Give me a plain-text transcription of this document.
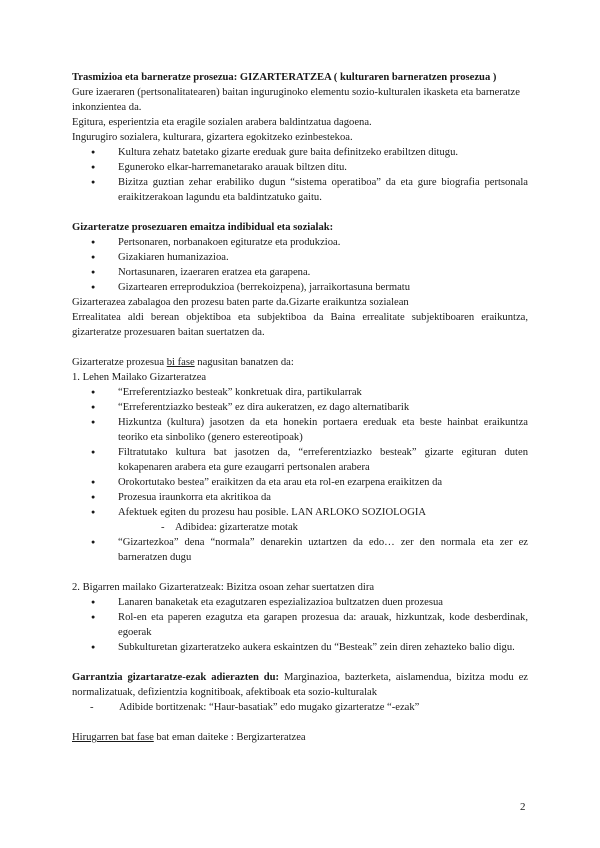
Trasmizioa eta barneratze prosezua: GIZARTERATZEA ( kulturaren barneratzen prosezua )

Gure izaeraren (pertsonalitatearen) baitan inguruginoko elementu sozio-kulturalen ikasketa eta barneratze inkonzientea da.

Egitura, esperientzia eta eragile sozialen arabera baldintzatua dagoena.

Ingurugiro sozialera, kulturara, gizartera egokitzeko ezinbestekoa.

● Kultura zehatz batetako gizarte ereduak gure baita definitzeko erabiltzen ditugu.
● Eguneroko elkar-harremanetarako arauak biltzen ditu.
● Bizitza guztian zehar erabiliko dugun “sistema operatiboa” da eta gure biografia pertsonala eraikitzerakoan lagundu eta baldintzatuko gaitu.

Gizarteratze prosezuaren emaitza indibidual eta sozialak:

● Pertsonaren, norbanakoen egituratze eta produkzioa.
● Gizakiaren humanizazioa.
● Nortasunaren, izaeraren eratzea eta garapena.
● Gizartearen erreprodukzioa (berrekoizpena), jarraikortasuna bermatu

Gizarterazea zabalagoa den prozesu baten parte da.Gizarte eraikuntza sozialean

Errealitatea aldi berean objektiboa eta subjektiboa da Baina errealitate subjektiboaren eraikuntza, gizarteratze prozesuaren baitan suertatzen da.

Gizarteratze prozesua bi fase nagusitan banatzen da:

1. Lehen Mailako Gizarteratzea

● “Erreferentziazko besteak” konkretuak dira, partikularrak
● “Erreferentziazko besteak” ez dira aukeratzen, ez dago alternatibarik
● Hizkuntza (kultura) jasotzen da eta honekin portaera ereduak eta beste hainbat eraikuntza teoriko eta sinboliko (genero estereotipoak)
● Filtratutako kultura bat jasotzen da, “erreferentziazko besteak” gizarte egituran duten kokapenaren arabera eta gure ezaugarri pertsonalen arabera
● Orokortutako bestea” eraikitzen da eta arau eta rol-en ezarpena eraikitzen da
● Prozesua iraunkorra eta akritikoa da
● Afektuek egiten du prozesu hau posible. LAN ARLOKO SOZIOLOGIA
- Adibidea: gizarteratze motak
● “Gizartezkoa” dena “normala” denarekin uztartzen da edo… zer den normala eta zer ez barneratzen dugu

2. Bigarren mailako Gizarteratzeak: Bizitza osoan zehar suertatzen dira

● Lanaren banaketak eta ezagutzaren espezializazioa bultzatzen duen prozesua
● Rol-en eta paperen ezagutza eta garapen prozesua da: arauak, hizkuntzak, kode desberdinak, egoerak
● Subkulturetan gizarteratzeko aukera eskaintzen du “Besteak” zein diren zehazteko balio digu.

Garrantzia gizartaratze-ezak adierazten du: Marginazioa, bazterketa, aislamendua, bizitza modu ez normalizatuak, defizientzia kognitiboak, afektiboak eta sozio-kulturalak

- Adibide bortitzenak: “Haur-basatiak” edo mugako gizarteratze “-ezak”

Hirugarren bat fase bat eman daiteke : Bergizarteratzea

2
